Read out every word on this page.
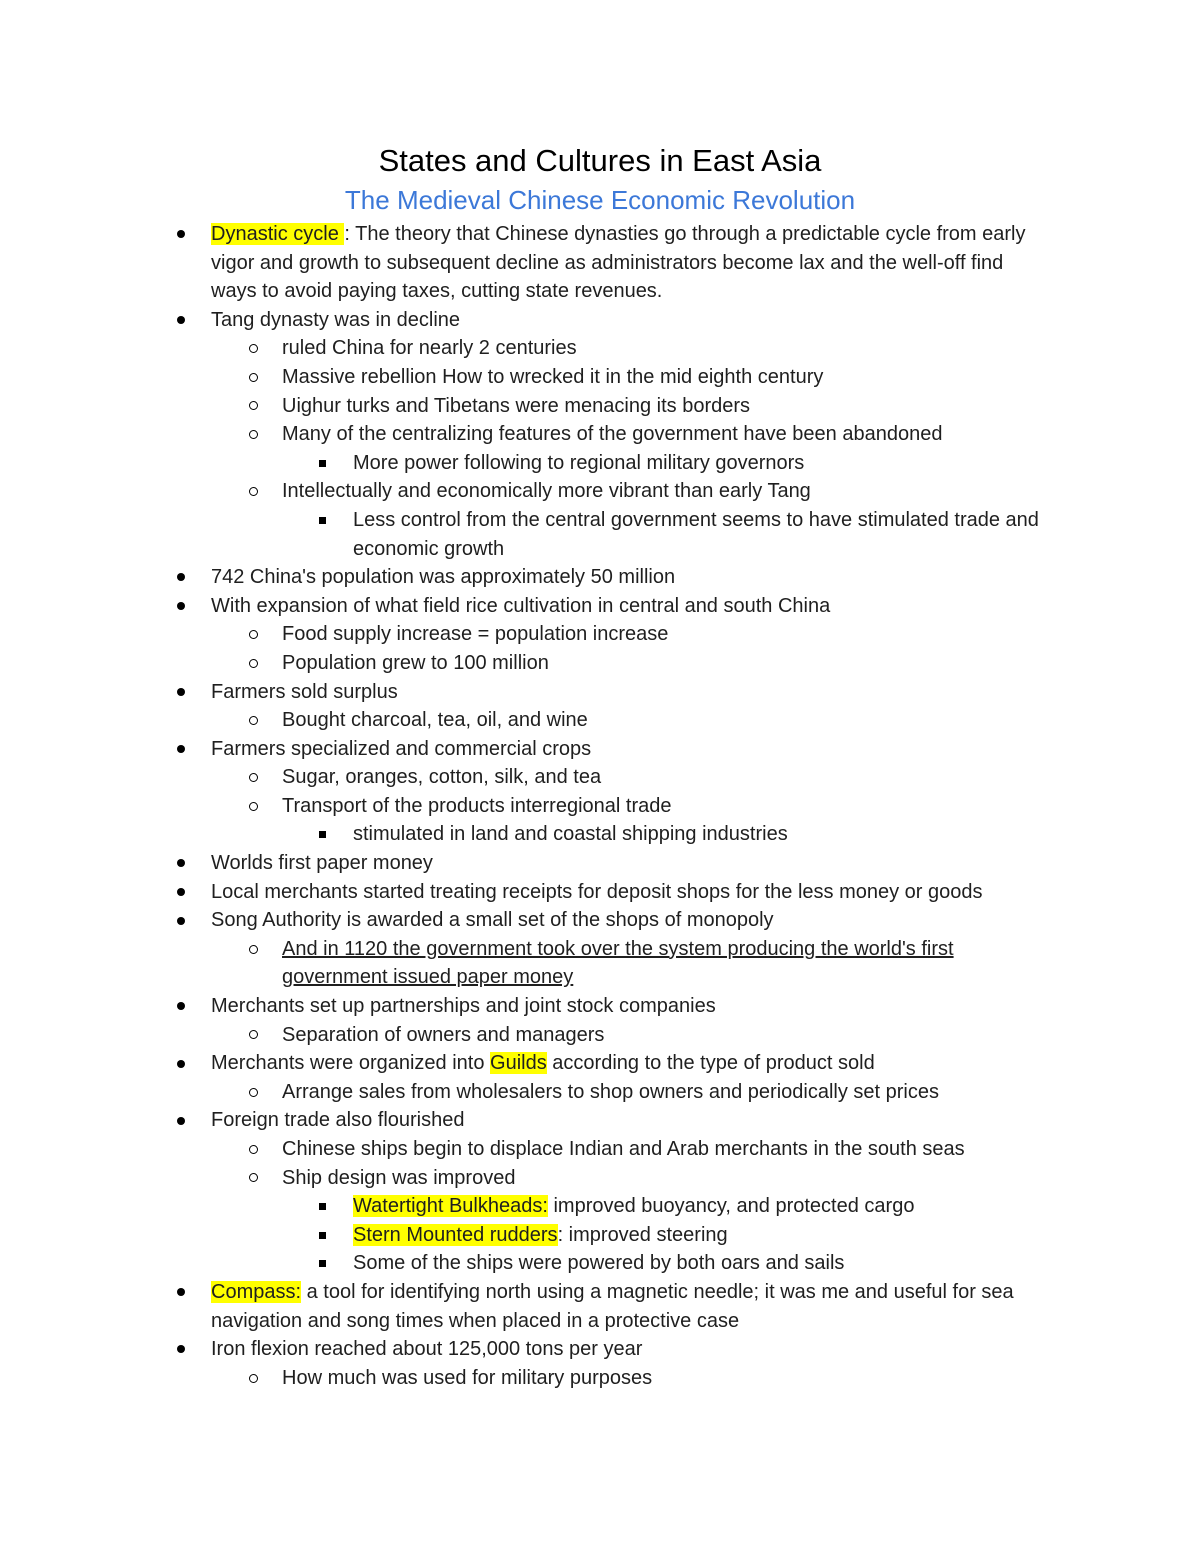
States and Cultures in East Asia
The Medieval Chinese Economic Revolution
Dynastic cycle : The theory that Chinese dynasties go through a predictable cycle from early vigor and growth to subsequent decline as administrators become lax and the well-off find ways to avoid paying taxes, cutting state revenues.
Tang dynasty was in decline
ruled China for nearly 2 centuries
Massive rebellion How to wrecked it in the mid eighth century
Uighur turks and Tibetans were menacing its borders
Many of the centralizing features of the government have been abandoned
More power following to regional military governors
Intellectually and economically more vibrant than early Tang
Less control from the central government seems to have stimulated trade and economic growth
742 China's population was approximately 50 million
With expansion of what field rice cultivation in central and south China
Food supply increase = population increase
Population grew to 100 million
Farmers sold surplus
Bought charcoal, tea, oil, and wine
Farmers specialized and commercial crops
Sugar, oranges, cotton, silk, and tea
Transport of the products interregional trade
stimulated in land and coastal shipping industries
Worlds first paper money
Local merchants started treating receipts for deposit shops for the less money or goods
Song Authority is awarded a small set of the shops of monopoly
And in 1120 the government took over the system producing the world's first government issued paper money
Merchants set up partnerships and joint stock companies
Separation of owners and managers
Merchants were organized into Guilds according to the type of product sold
Arrange sales from wholesalers to shop owners and periodically set prices
Foreign trade also flourished
Chinese ships begin to displace Indian and Arab merchants in the south seas
Ship design was improved
Watertight Bulkheads: improved buoyancy, and protected cargo
Stern Mounted rudders: improved steering
Some of the ships were powered by both oars and sails
Compass: a tool for identifying north using a magnetic needle; it was me and useful for sea navigation and song times when placed in a protective case
Iron flexion reached about 125,000 tons per year
How much was used for military purposes
